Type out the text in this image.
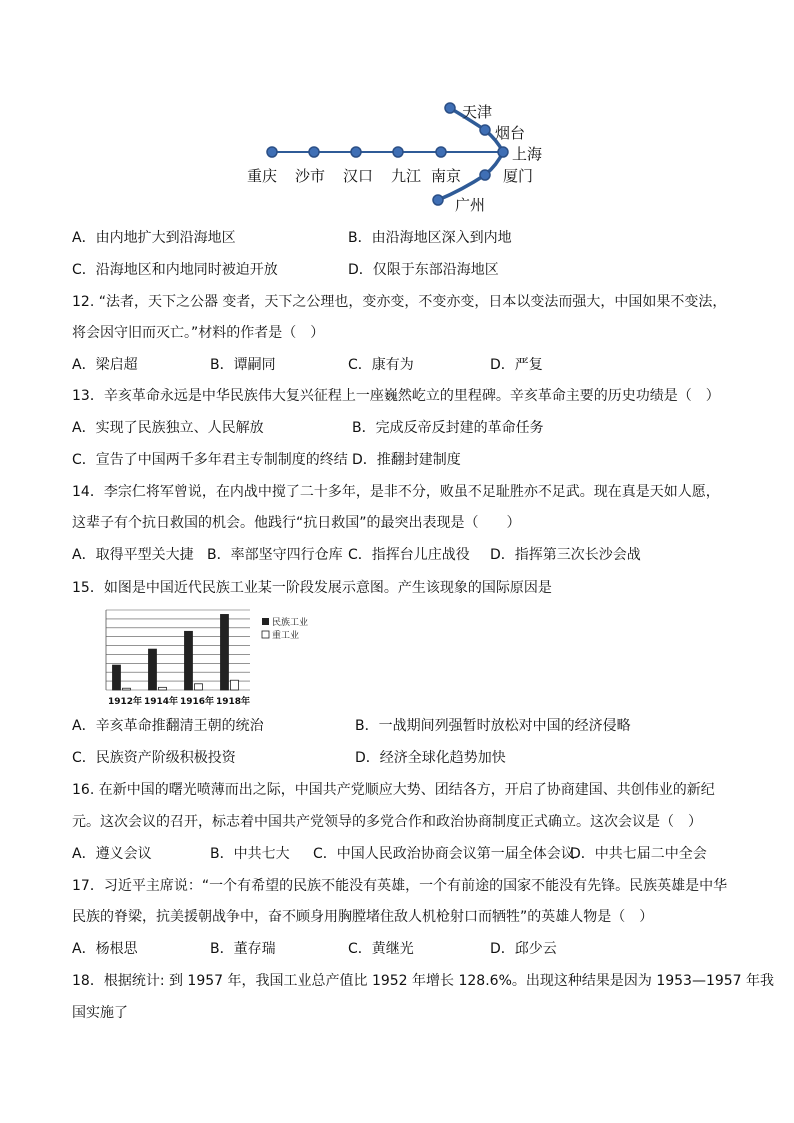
天津
烟台
上海
重庆 沙市 汉口 九江 南京	厦门
广州
A．由内地扩大到沿海地区	B．由沿海地区深入到内地
C．沿海地区和内地同时被迫开放	D．仅限于东部沿海地区
12. “法者，天下之公器 变者，天下之公理也，变亦变，不变亦变，日本以变法而强大，中国如果不变法，
将会因守旧而灭亡。”材料的作者是（　）
A．梁启超	B．谭嗣同	C．康有为	D．严复
13．辛亥革命永远是中华民族伟大复兴征程上一座巍然屹立的里程碑。辛亥革命主要的历史功绩是（　）
A．实现了民族独立、人民解放	B．完成反帝反封建的革命任务
C．宣告了中国两千多年君主专制制度的终结 D．推翻封建制度
14．李宗仁将军曾说，在内战中搅了二十多年，是非不分，败虽不足耻胜亦不足武。现在真是天如人愿，
这辈子有个抗日救国的机会。他践行“抗日救国”的最突出表现是（　　）
A．取得平型关大捷 B．率部坚守四行仓库 C．指挥台儿庄战役 D．指挥第三次长沙会战
15．如图是中国近代民族工业某一阶段发展示意图。产生该现象的国际原因是
1912年 1914年 1916年 1918年
民族工业
重工业
A．辛亥革命推翻清王朝的统治	B．一战期间列强暂时放松对中国的经济侵略
C．民族资产阶级积极投资	D．经济全球化趋势加快
16. 在新中国的曙光喷薄而出之际，中国共产党顺应大势、团结各方，开启了协商建国、共创伟业的新纪
元。这次会议的召开，标志着中国共产党领导的多党合作和政治协商制度正式确立。这次会议是（　）
A．遵义会议	B．中共七大 C．中国人民政治协商会议第一届全体会议
D．中共七届二中全会
17．习近平主席说：“一个有希望的民族不能没有英雄，一个有前途的国家不能没有先锋。民族英雄是中华
民族的脊梁，抗美援朝战争中，奋不顾身用胸膛堵住敌人机枪射口而牺牲”的英雄人物是（　）
A．杨根思	B．董存瑞	C．黄继光	D．邱少云
18．根据统计: 到 1957 年，我国工业总产值比 1952 年增长 128.6%。出现这种结果是因为 1953—1957 年我
国实施了
